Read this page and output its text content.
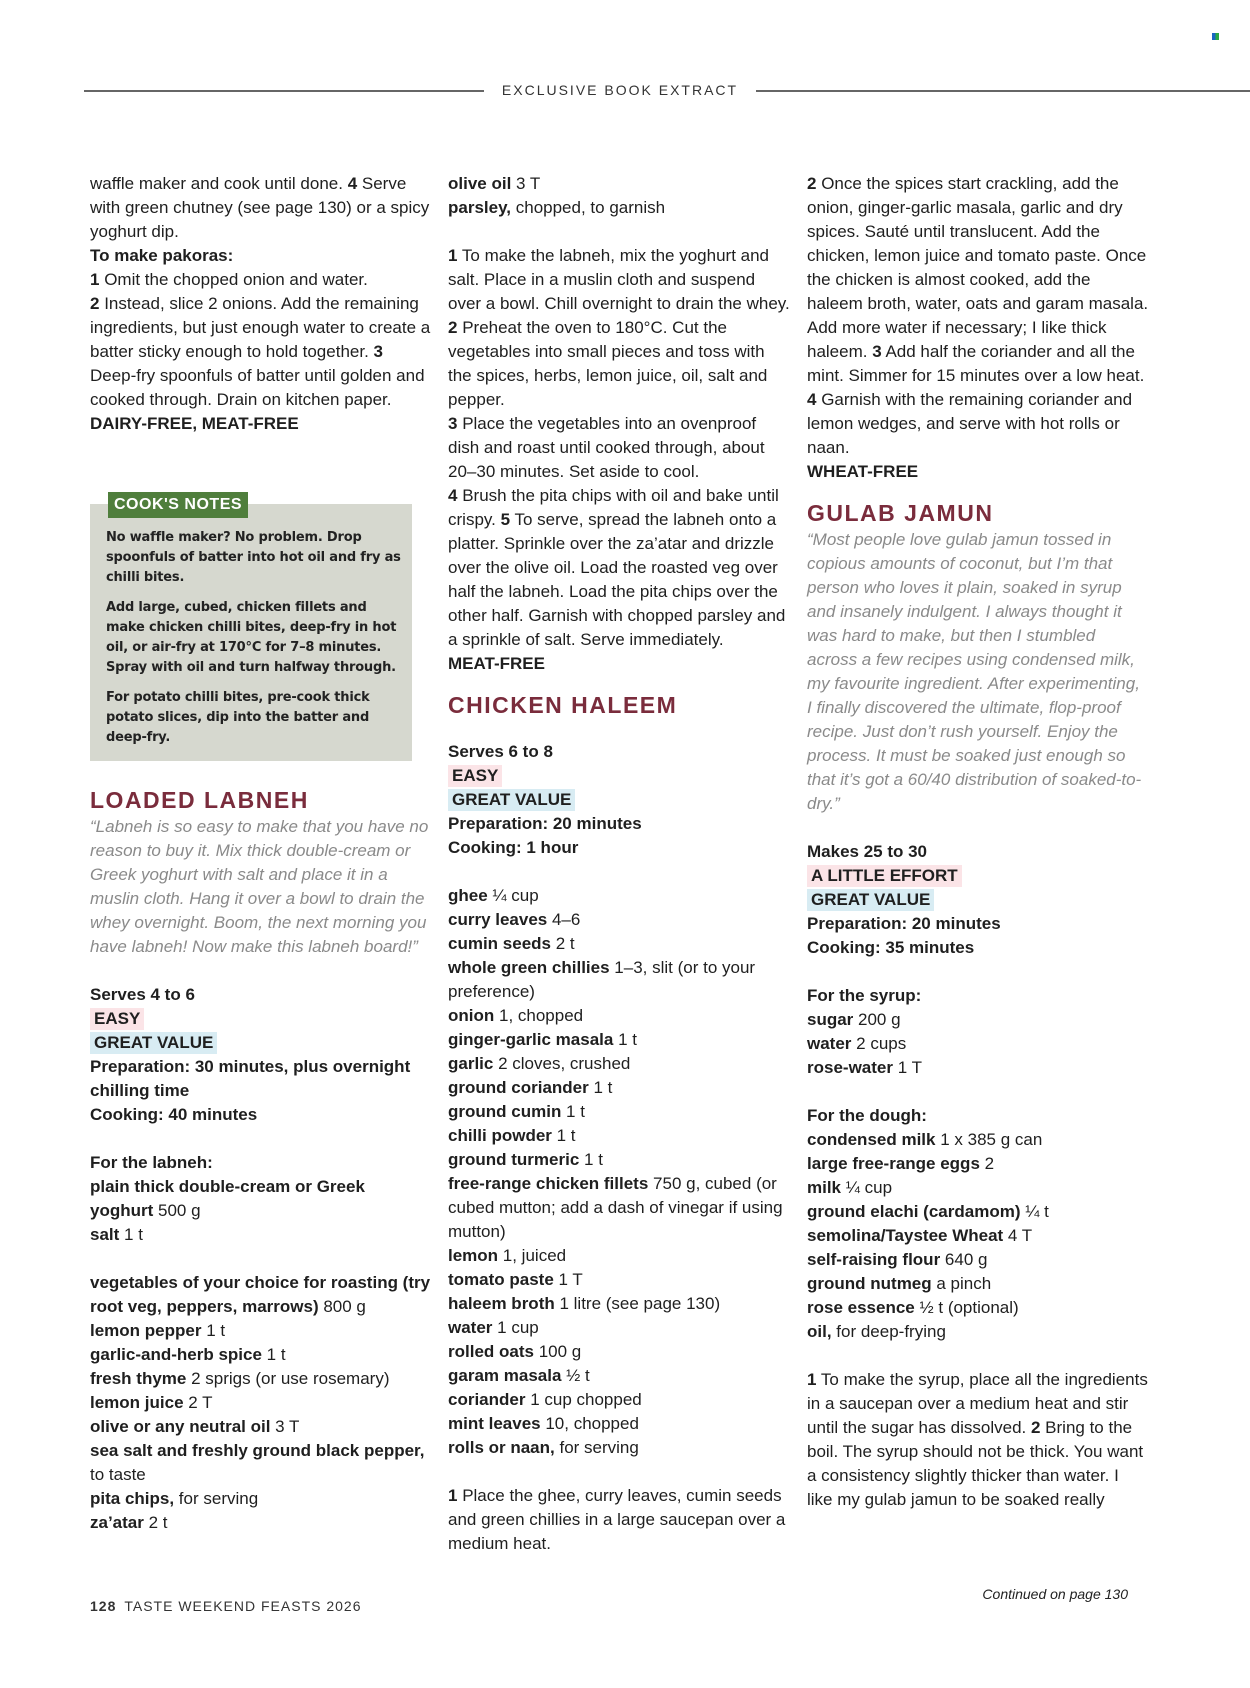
EXCLUSIVE BOOK EXTRACT

waffle maker and cook until done. 4 Serve with green chutney (see page 130) or a spicy yoghurt dip.

To make pakoras:

1 Omit the chopped onion and water.

2 Instead, slice 2 onions. Add the remaining ingredients, but just enough water to create a batter sticky enough to hold together. 3 Deep-fry spoonfuls of batter until golden and cooked through. Drain on kitchen paper.

DAIRY-FREE, MEAT-FREE

LOADED LABNEH

“Labneh is so easy to make that you have no reason to buy it. Mix thick double-cream or Greek yoghurt with salt and place it in a muslin cloth. Hang it over a bowl to drain the whey overnight. Boom, the next morning you have labneh! Now make this labneh board!”

Serves 4 to 6

EASY
GREAT VALUE

Preparation: 30 minutes, plus overnight chilling time

Cooking: 40 minutes

For the labneh:

plain thick double-cream or Greek yoghurt 500 g

salt 1 t

vegetables of your choice for roasting (try root veg, peppers, marrows) 800 g

lemon pepper 1 t

garlic-and-herb spice 1 t

fresh thyme 2 sprigs (or use rosemary)

lemon juice 2 T

olive or any neutral oil 3 T

sea salt and freshly ground black pepper, to taste

pita chips, for serving

za’atar 2 t

COOK'S NOTES

No waffle maker? No problem. Drop spoonfuls of batter into hot oil and fry as chilli bites.

Add large, cubed, chicken fillets and make chicken chilli bites, deep-fry in hot oil, or air-fry at 170°C for 7–8 minutes. Spray with oil and turn halfway through.

For potato chilli bites, pre-cook thick potato slices, dip into the batter and deep-fry.

olive oil 3 T

parsley, chopped, to garnish

1 To make the labneh, mix the yoghurt and salt. Place in a muslin cloth and suspend over a bowl. Chill overnight to drain the whey. 2 Preheat the oven to 180°C. Cut the vegetables into small pieces and toss with the spices, herbs, lemon juice, oil, salt and pepper.

3 Place the vegetables into an ovenproof dish and roast until cooked through, about 20–30 minutes. Set aside to cool.

4 Brush the pita chips with oil and bake until crispy. 5 To serve, spread the labneh onto a platter. Sprinkle over the za’atar and drizzle over the olive oil. Load the roasted veg over half the labneh. Load the pita chips over the other half. Garnish with chopped parsley and a sprinkle of salt. Serve immediately.

MEAT-FREE

CHICKEN HALEEM

Serves 6 to 8

EASY
GREAT VALUE

Preparation: 20 minutes

Cooking: 1 hour

ghee ¼ cup

curry leaves 4–6

cumin seeds 2 t

whole green chillies 1–3, slit (or to your preference)

onion 1, chopped

ginger-garlic masala 1 t

garlic 2 cloves, crushed

ground coriander 1 t

ground cumin 1 t

chilli powder 1 t

ground turmeric 1 t

free-range chicken fillets 750 g, cubed (or cubed mutton; add a dash of vinegar if using mutton)

lemon 1, juiced

tomato paste 1 T

haleem broth 1 litre (see page 130)

water 1 cup

rolled oats 100 g

garam masala ½ t

coriander 1 cup chopped

mint leaves 10, chopped

rolls or naan, for serving

1 Place the ghee, curry leaves, cumin seeds and green chillies in a large saucepan over a medium heat.

2 Once the spices start crackling, add the onion, ginger-garlic masala, garlic and dry spices. Sauté until translucent. Add the chicken, lemon juice and tomato paste. Once the chicken is almost cooked, add the haleem broth, water, oats and garam masala. Add more water if necessary; I like thick haleem. 3 Add half the coriander and all the mint. Simmer for 15 minutes over a low heat. 4 Garnish with the remaining coriander and lemon wedges, and serve with hot rolls or naan.

WHEAT-FREE

GULAB JAMUN

“Most people love gulab jamun tossed in copious amounts of coconut, but I’m that person who loves it plain, soaked in syrup and insanely indulgent. I always thought it was hard to make, but then I stumbled across a few recipes using condensed milk, my favourite ingredient. After experimenting, I finally discovered the ultimate, flop-proof recipe. Just don’t rush yourself. Enjoy the process. It must be soaked just enough so that it’s got a 60/40 distribution of soaked-to-dry.”

Makes 25 to 30

A LITTLE EFFORT
GREAT VALUE

Preparation: 20 minutes

Cooking: 35 minutes

For the syrup:

sugar 200 g

water 2 cups

rose-water 1 T

For the dough:

condensed milk 1 x 385 g can

large free-range eggs 2

milk ¼ cup

ground elachi (cardamom) ¼ t

semolina/Taystee Wheat 4 T

self-raising flour 640 g

ground nutmeg a pinch

rose essence ½ t (optional)

oil, for deep-frying

1 To make the syrup, place all the ingredients in a saucepan over a medium heat and stir until the sugar has dissolved. 2 Bring to the boil. The syrup should not be thick. You want a consistency slightly thicker than water. I like my gulab jamun to be soaked really

128 TASTE WEEKEND FEASTS 2026
Continued on page 130
